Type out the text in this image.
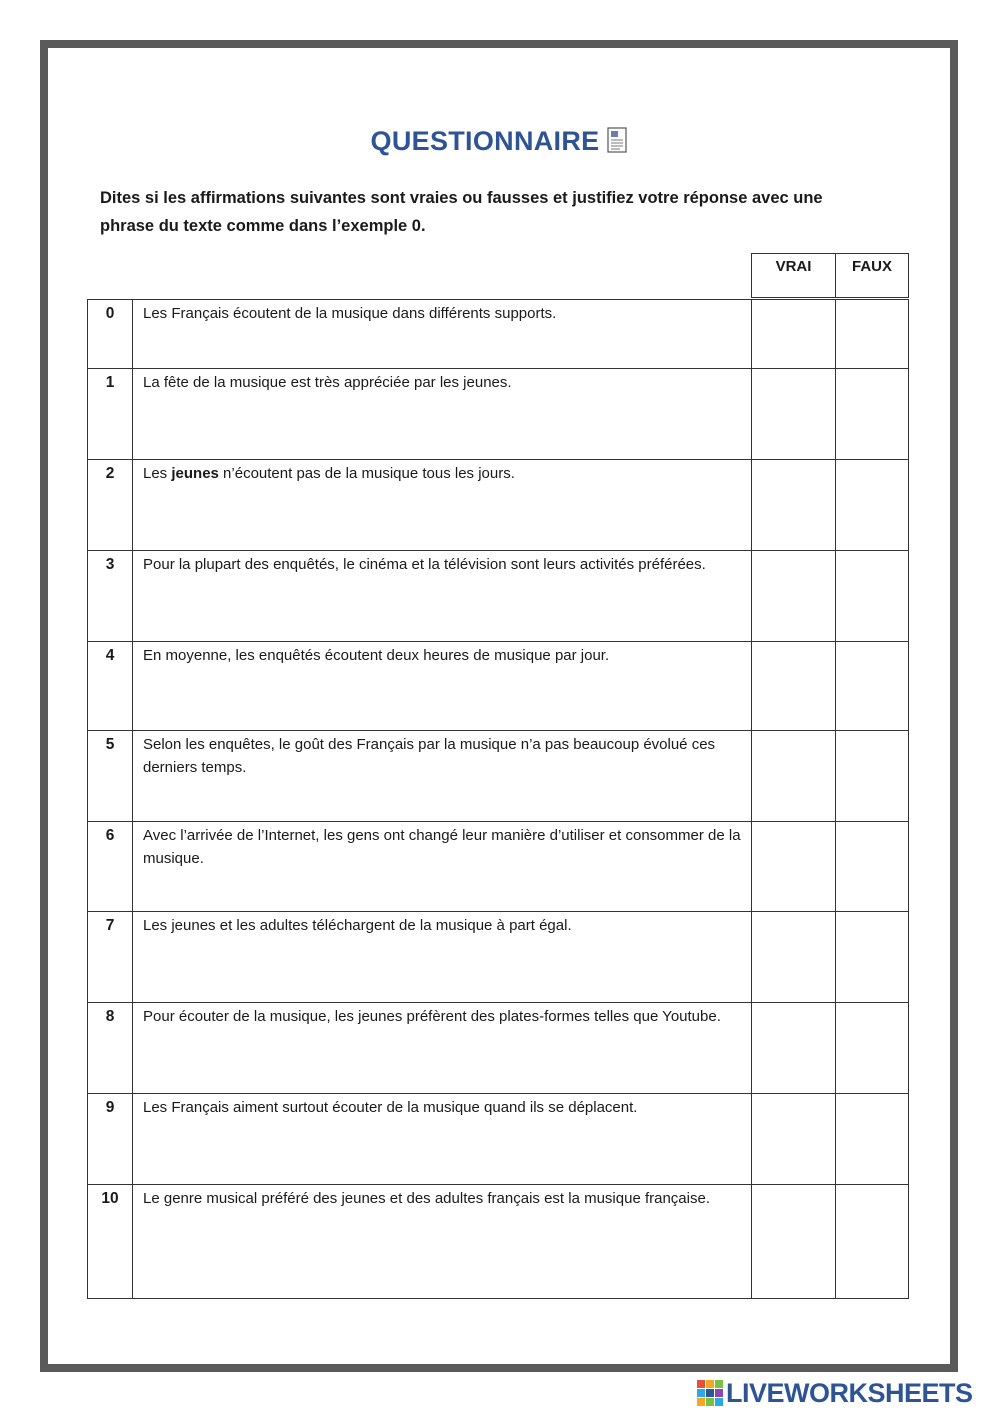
QUESTIONNAIRE
Dites si les affirmations suivantes sont vraies ou fausses et justifiez votre réponse avec une phrase du texte comme dans l’exemple 0.
VRAI	FAUX
0	Les Français écoutent de la musique dans différents supports.		
1	La fête de la musique est très appréciée par les jeunes.		
2	Les jeunes n’écoutent pas de la musique tous les jours.		
3	Pour la plupart des enquêtés, le cinéma et la télévision sont leurs activités préférées.		
4	En moyenne, les enquêtés écoutent deux heures de musique par jour.		
5	Selon les enquêtes, le goût des Français par la musique n’a pas beaucoup évolué ces derniers temps.		
6	Avec l’arrivée de l’Internet, les gens ont changé leur manière d’utiliser et consommer de la musique.		
7	Les jeunes et les adultes téléchargent de la musique à part égal.		
8	Pour écouter de la musique, les jeunes préfèrent des plates-formes telles que Youtube.		
9	Les Français aiment surtout écouter de la musique quand ils se déplacent.		
10	Le genre musical préféré des jeunes et des adultes français est la musique française.		
LIVEWORKSHEETS
